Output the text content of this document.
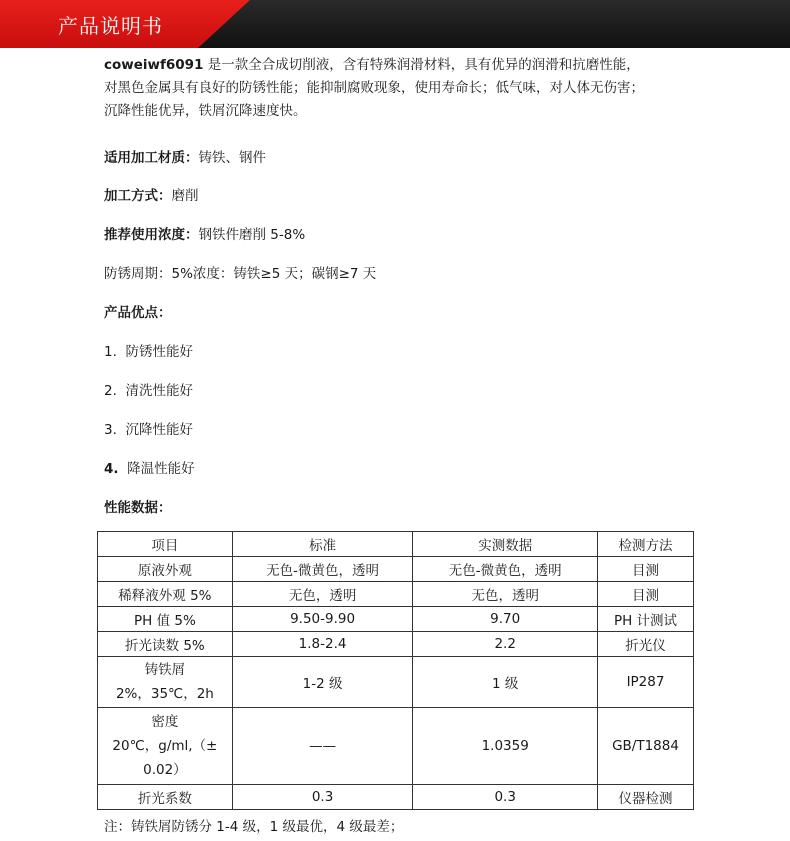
产品说明书

coweiwf6091 是一款全合成切削液，含有特殊润滑材料，具有优异的润滑和抗磨性能，
对黑色金属具有良好的防锈性能；能抑制腐败现象，使用寿命长；低气味，对人体无伤害；
沉降性能优异，铁屑沉降速度快。

适用加工材质：铸铁、钢件
加工方式：磨削
推荐使用浓度：钢铁件磨削 5-8%
防锈周期：5%浓度：铸铁≥5 天；碳钢≥7 天
产品优点：
1. 防锈性能好
2. 清洗性能好
3. 沉降性能好
4. 降温性能好
性能数据：
项目	标准	实测数据	检测方法
原液外观	无色-微黄色，透明	无色-微黄色，透明	目测
稀释液外观 5%	无色，透明	无色，透明	目测
PH 值 5%	9.50-9.90	9.70	PH 计测试
折光读数 5%	1.8-2.4	2.2	折光仪

铸铁屑
2%，35℃，2h	1-2 级	1 级	IP287

密度
20℃，g/ml,（±
0.02）	——	1.0359	GB/T1884
折光系数	0.3	0.3	仪器检测
注：铸铁屑防锈分 1-4 级，1 级最优，4 级最差；
